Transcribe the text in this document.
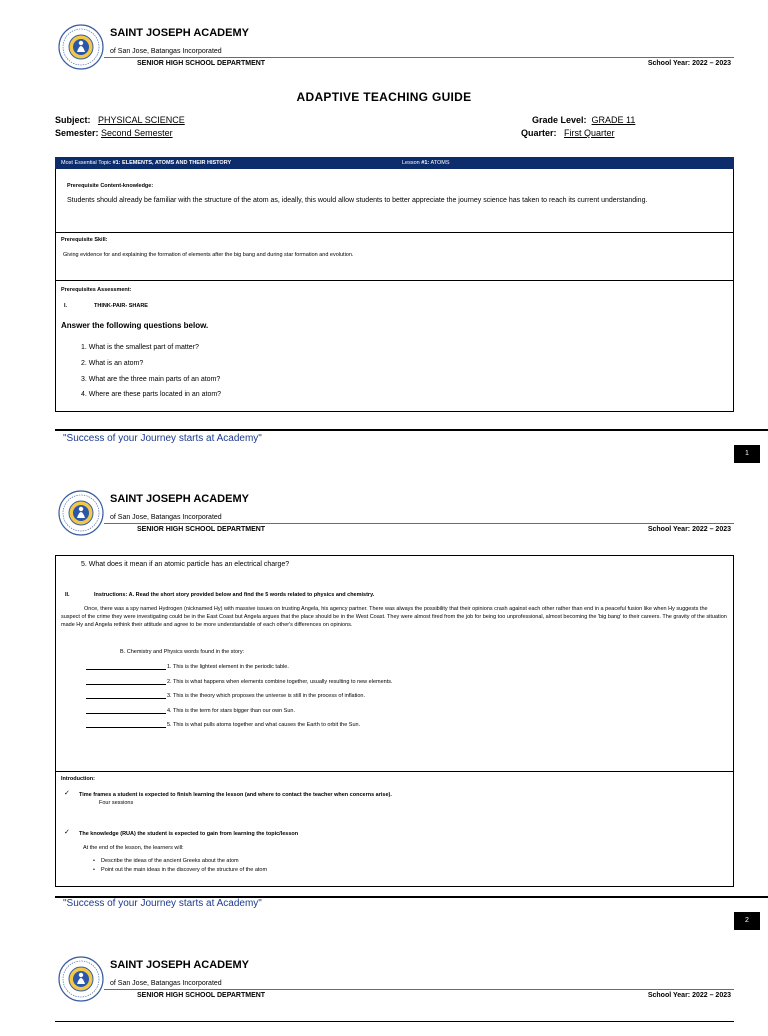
SAINT JOSEPH ACADEMY
of San Jose, Batangas Incorporated
SENIOR HIGH SCHOOL DEPARTMENT	School Year: 2022 – 2023
ADAPTIVE TEACHING GUIDE
Subject: PHYSICAL SCIENCE
Semester: Second Semester
Grade Level: GRADE 11
Quarter: First Quarter
Most Essential Topic #1: ELEMENTS, ATOMS AND THEIR HISTORY	Lesson #1: ATOMS
Prerequisite Content-knowledge:
Students should already be familiar with the structure of the atom as, ideally, this would allow students to better appreciate the journey science has taken to reach its current understanding.
Prerequisite Skill:
Giving evidence for and explaining the formation of elements after the big bang and during star formation and evolution.
Prerequisites Assessment:
I.	THINK-PAIR- SHARE
Answer the following questions below.
1. What is the smallest part of matter?
2. What is an atom?
3. What are the three main parts of an atom?
4. Where are these parts located in an atom?
"Success of your Journey starts at Academy"
1
SAINT JOSEPH ACADEMY
of San Jose, Batangas Incorporated
SENIOR HIGH SCHOOL DEPARTMENT	School Year: 2022 – 2023
5. What does it mean if an atomic particle has an electrical charge?
II.	Instructions: A. Read the short story provided below and find the 5 words related to physics and chemistry.
Once, there was a spy named Hydrogen (nicknamed Hy) with massive issues on trusting Angela, his agency partner. There was always the possibility that their opinions crash against each other rather than end in a peaceful fusion like when Hy suggests the suspect of the crime they were investigating could be in the East Coast but Angela argues that the place should be in the West Coast. They were almost fired from the job for being too unprofessional, almost becoming the 'big bang' to their careers. The gravity of the situation made Hy and Angela rethink their attitude and agree to be more understandable of each other's differences on opinions.
B. Chemistry and Physics words found in the story:
1. This is the lightest element in the periodic table.
2. This is what happens when elements combine together, usually resulting to new elements.
3. This is the theory which proposes the universe is still in the process of inflation.
4. This is the term for stars bigger than our own Sun.
5. This is what pulls atoms together and what causes the Earth to orbit the Sun.
Introduction:
✓ Time frames a student is expected to finish learning the lesson (and where to contact the teacher when concerns arise).
Four sessions
✓ The knowledge (RUA) the student is expected to gain from learning the topic/lesson
At the end of the lesson, the learners will:
•    Describe the ideas of the ancient Greeks about the atom
•    Point out the main ideas in the discovery of the structure of the atom
"Success of your Journey starts at Academy"
2
SAINT JOSEPH ACADEMY
of San Jose, Batangas Incorporated
SENIOR HIGH SCHOOL DEPARTMENT	School Year: 2022 – 2023
